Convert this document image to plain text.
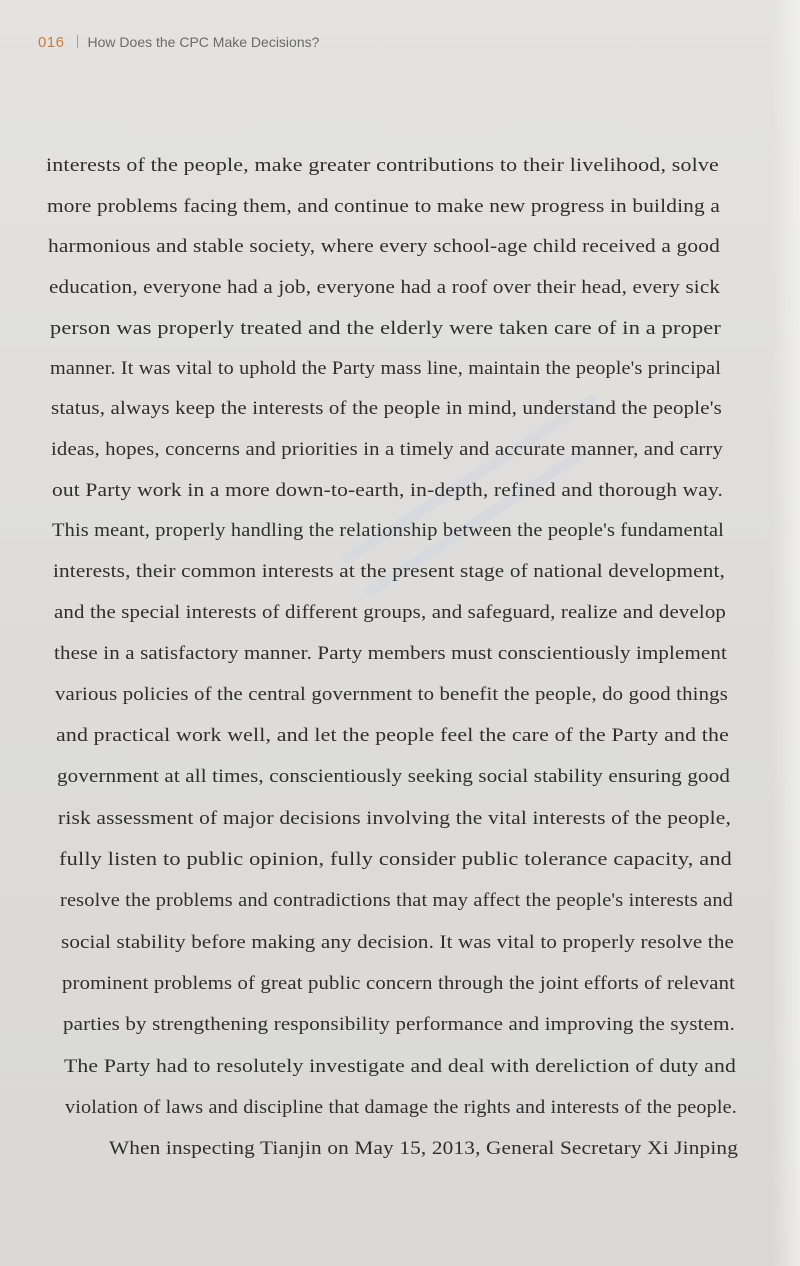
016 How Does the CPC Make Decisions?
interests of the people, make greater contributions to their livelihood, solve
more problems facing them, and continue to make new progress in building a
harmonious and stable society, where every school-age child received a good
education, everyone had a job, everyone had a roof over their head, every sick
person was properly treated and the elderly were taken care of in a proper
manner. It was vital to uphold the Party mass line, maintain the people's principal
status, always keep the interests of the people in mind, understand the people's
ideas, hopes, concerns and priorities in a timely and accurate manner, and carry
out Party work in a more down-to-earth, in-depth, refined and thorough way.
This meant, properly handling the relationship between the people's fundamental
interests, their common interests at the present stage of national development,
and the special interests of different groups, and safeguard, realize and develop
these in a satisfactory manner. Party members must conscientiously implement
various policies of the central government to benefit the people, do good things
and practical work well, and let the people feel the care of the Party and the
government at all times, conscientiously seeking social stability ensuring good
risk assessment of major decisions involving the vital interests of the people,
fully listen to public opinion, fully consider public tolerance capacity, and
resolve the problems and contradictions that may affect the people's interests and
social stability before making any decision. It was vital to properly resolve the
prominent problems of great public concern through the joint efforts of relevant
parties by strengthening responsibility performance and improving the system.
The Party had to resolutely investigate and deal with dereliction of duty and
violation of laws and discipline that damage the rights and interests of the people.
When inspecting Tianjin on May 15, 2013, General Secretary Xi Jinping
